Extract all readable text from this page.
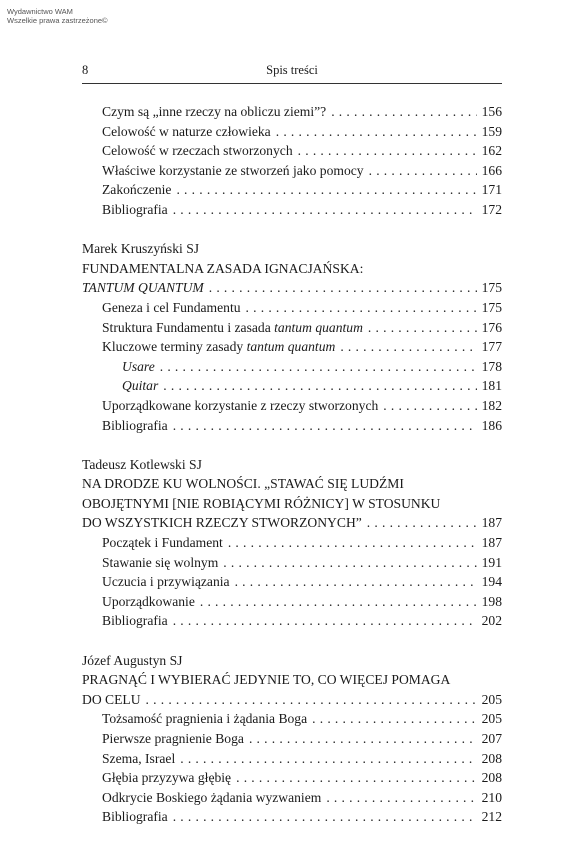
Wydawnictwo WAM
Wszelkie prawa zastrzeżone©
8	Spis treści
Czym są „inne rzeczy na obliczu ziemi”? . . .	156
Celowość w naturze człowieka . . .	159
Celowość w rzeczach stworzonych . . .	162
Właściwe korzystanie ze stworzeń jako pomocy . . .	166
Zakończenie . . .	171
Bibliografia . . .	172
Marek Kruszyński SJ
FUNDAMENTALNA ZASADA IGNACJAŃSKA:
TANTUM QUANTUM . . .	175
Geneza i cel Fundamentu . . .	175
Struktura Fundamentu i zasada tantum quantum . . .	176
Kluczowe terminy zasady tantum quantum . . .	177
Usare . . .	178
Quitar . . .	181
Uporządkowane korzystanie z rzeczy stworzonych . . .	182
Bibliografia . . .	186
Tadeusz Kotlewski SJ
NA DRODZE KU WOLNOŚCI. „STAWAĆ SIĘ LUDŹMI
OBOJĘTNYMI [NIE ROBIĄCYMI RÓŻNICY] W STOSUNKU
DO WSZYSTKICH RZECZY STWORZONYCH” . . .	187
Początek i Fundament . . .	187
Stawanie się wolnym . . .	191
Uczucia i przywiązania . . .	194
Uporządkowanie . . .	198
Bibliografia . . .	202
Józef Augustyn SJ
PRAGNĄĆ I WYBIERAĆ JEDYNIE TO, CO WIĘCEJ POMAGA
DO CELU . . .	205
Tożsamość pragnienia i żądania Boga . . .	205
Pierwsze pragnienie Boga . . .	207
Szema, Israel . . .	208
Głębia przyzywa głębię . . .	208
Odkrycie Boskiego żądania wyzwaniem . . .	210
Bibliografia . . .	212
